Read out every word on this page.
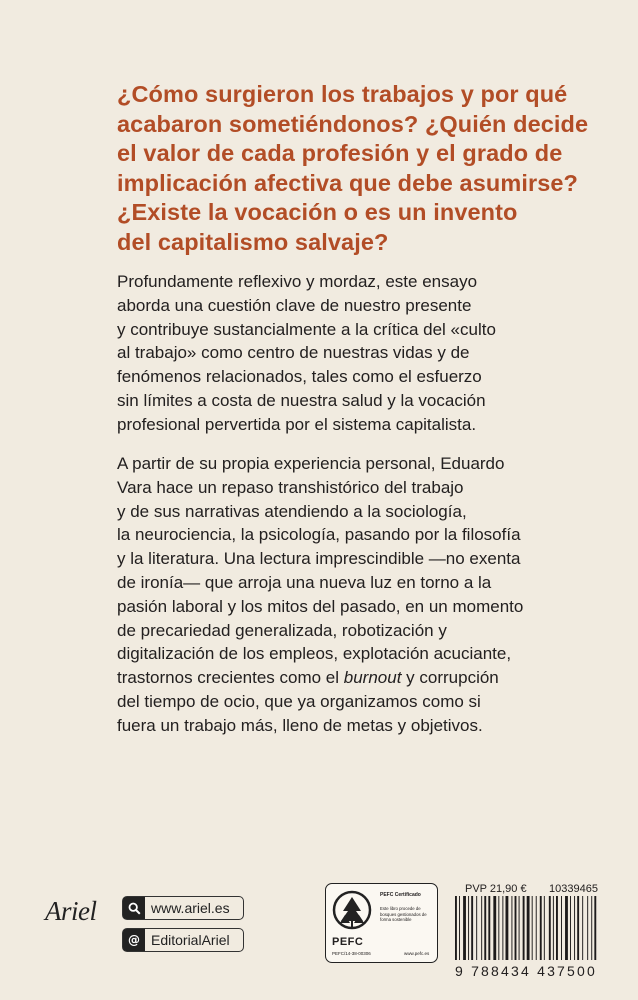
¿Cómo surgieron los trabajos y por qué
acabaron sometiéndonos? ¿Quién decide
el valor de cada profesión y el grado de
implicación afectiva que debe asumirse?
¿Existe la vocación o es un invento
del capitalismo salvaje?

Profundamente reflexivo y mordaz, este ensayo
aborda una cuestión clave de nuestro presente
y contribuye sustancialmente a la crítica del «culto
al trabajo» como centro de nuestras vidas y de
fenómenos relacionados, tales como el esfuerzo
sin límites a costa de nuestra salud y la vocación
profesional pervertida por el sistema capitalista.

A partir de su propia experiencia personal, Eduardo
Vara hace un repaso transhistórico del trabajo
y de sus narrativas atendiendo a la sociología,
la neurociencia, la psicología, pasando por la filosofía
y la literatura. Una lectura imprescindible —no exenta
de ironía— que arroja una nueva luz en torno a la
pasión laboral y los mitos del pasado, en un momento
de precariedad generalizada, robotización y
digitalización de los empleos, explotación acuciante,
trastornos crecientes como el burnout y corrupción
del tiempo de ocio, que ya organizamos como si
fuera un trabajo más, lleno de metas y objetivos.

Ariel	www.ariel.es
@ EditorialAriel	PEFC
PEFC/14-38-00306
PEFC Certificado
Este libro procede de bosques gestionados de forma sostenible
www.pefc.es
PVP 21,90 € 10339465
9 788434 437500
